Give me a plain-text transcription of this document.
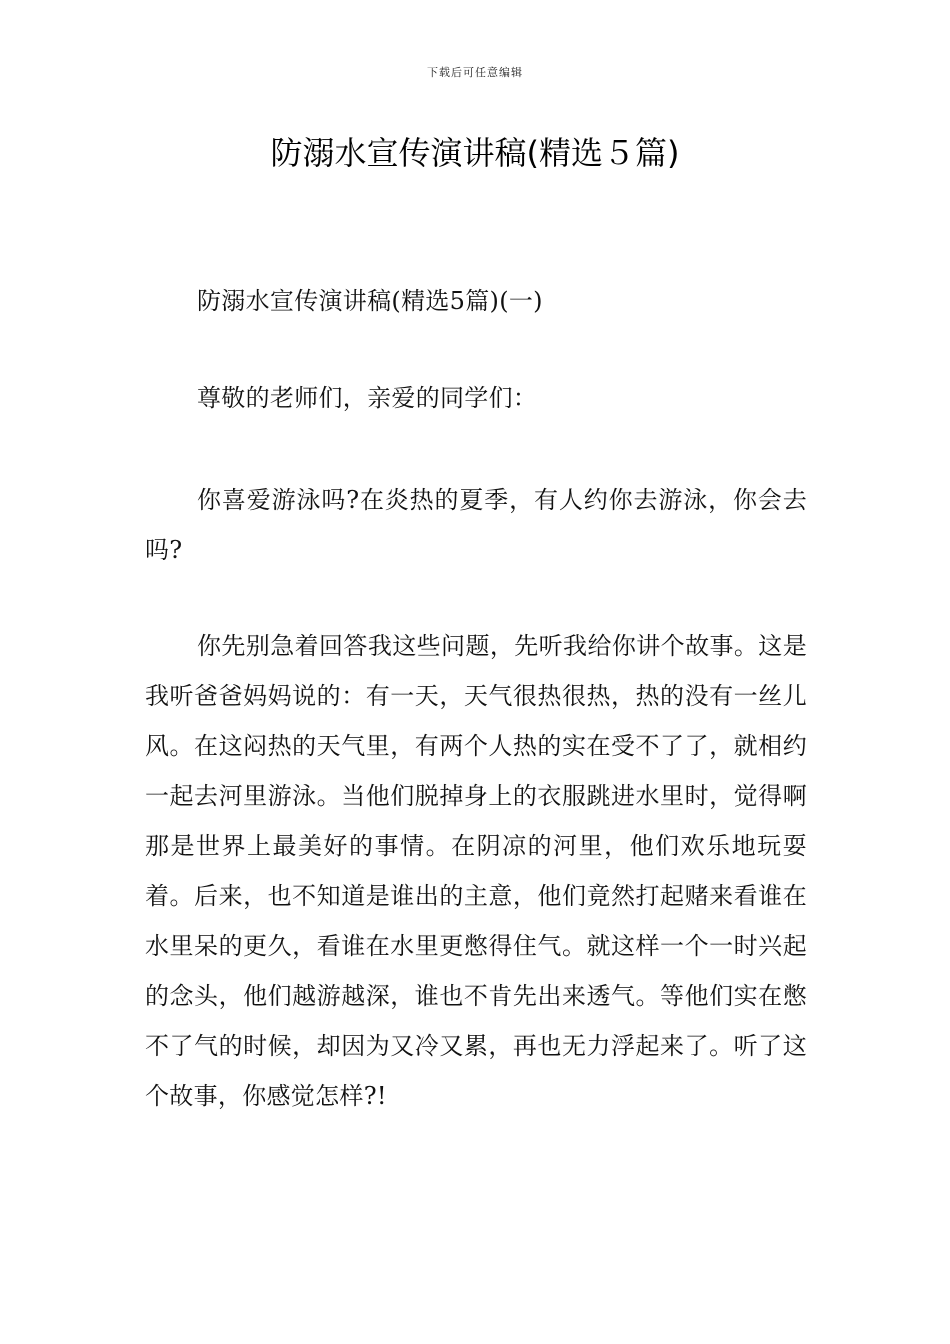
下载后可任意编辑
防溺水宣传演讲稿(精选５篇)

防溺水宣传演讲稿(精选5篇)(一)

尊敬的老师们，亲爱的同学们：

你喜爱游泳吗?在炎热的夏季，有人约你去游泳，你会去吗?

你先别急着回答我这些问题，先听我给你讲个故事。这是我听爸爸妈妈说的：有一天，天气很热很热，热的没有一丝儿风。在这闷热的天气里，有两个人热的实在受不了了，就相约一起去河里游泳。当他们脱掉身上的衣服跳进水里时，觉得啊那是世界上最美好的事情。在阴凉的河里，他们欢乐地玩耍着。后来，也不知道是谁出的主意，他们竟然打起赌来看谁在水里呆的更久，看谁在水里更憋得住气。就这样一个一时兴起的念头，他们越游越深，谁也不肯先出来透气。等他们实在憋不了气的时候，却因为又冷又累，再也无力浮起来了。听了这个故事，你感觉怎样?!
